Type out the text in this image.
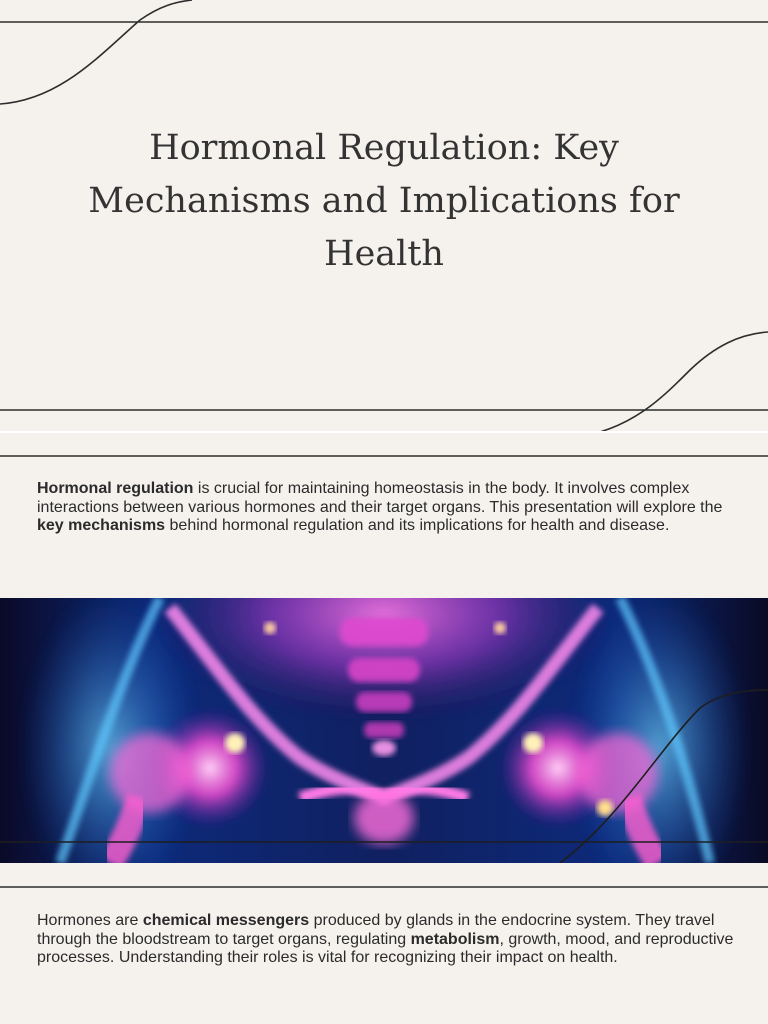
Hormonal Regulation: Key Mechanisms and Implications for Health

Hormonal regulation is crucial for maintaining homeostasis in the body. It involves complex interactions between various hormones and their target organs. This presentation will explore the key mechanisms behind hormonal regulation and its implications for health and disease.

Hormones are chemical messengers produced by glands in the endocrine system. They travel through the bloodstream to target organs, regulating metabolism, growth, mood, and reproductive processes. Understanding their roles is vital for recognizing their impact on health.
